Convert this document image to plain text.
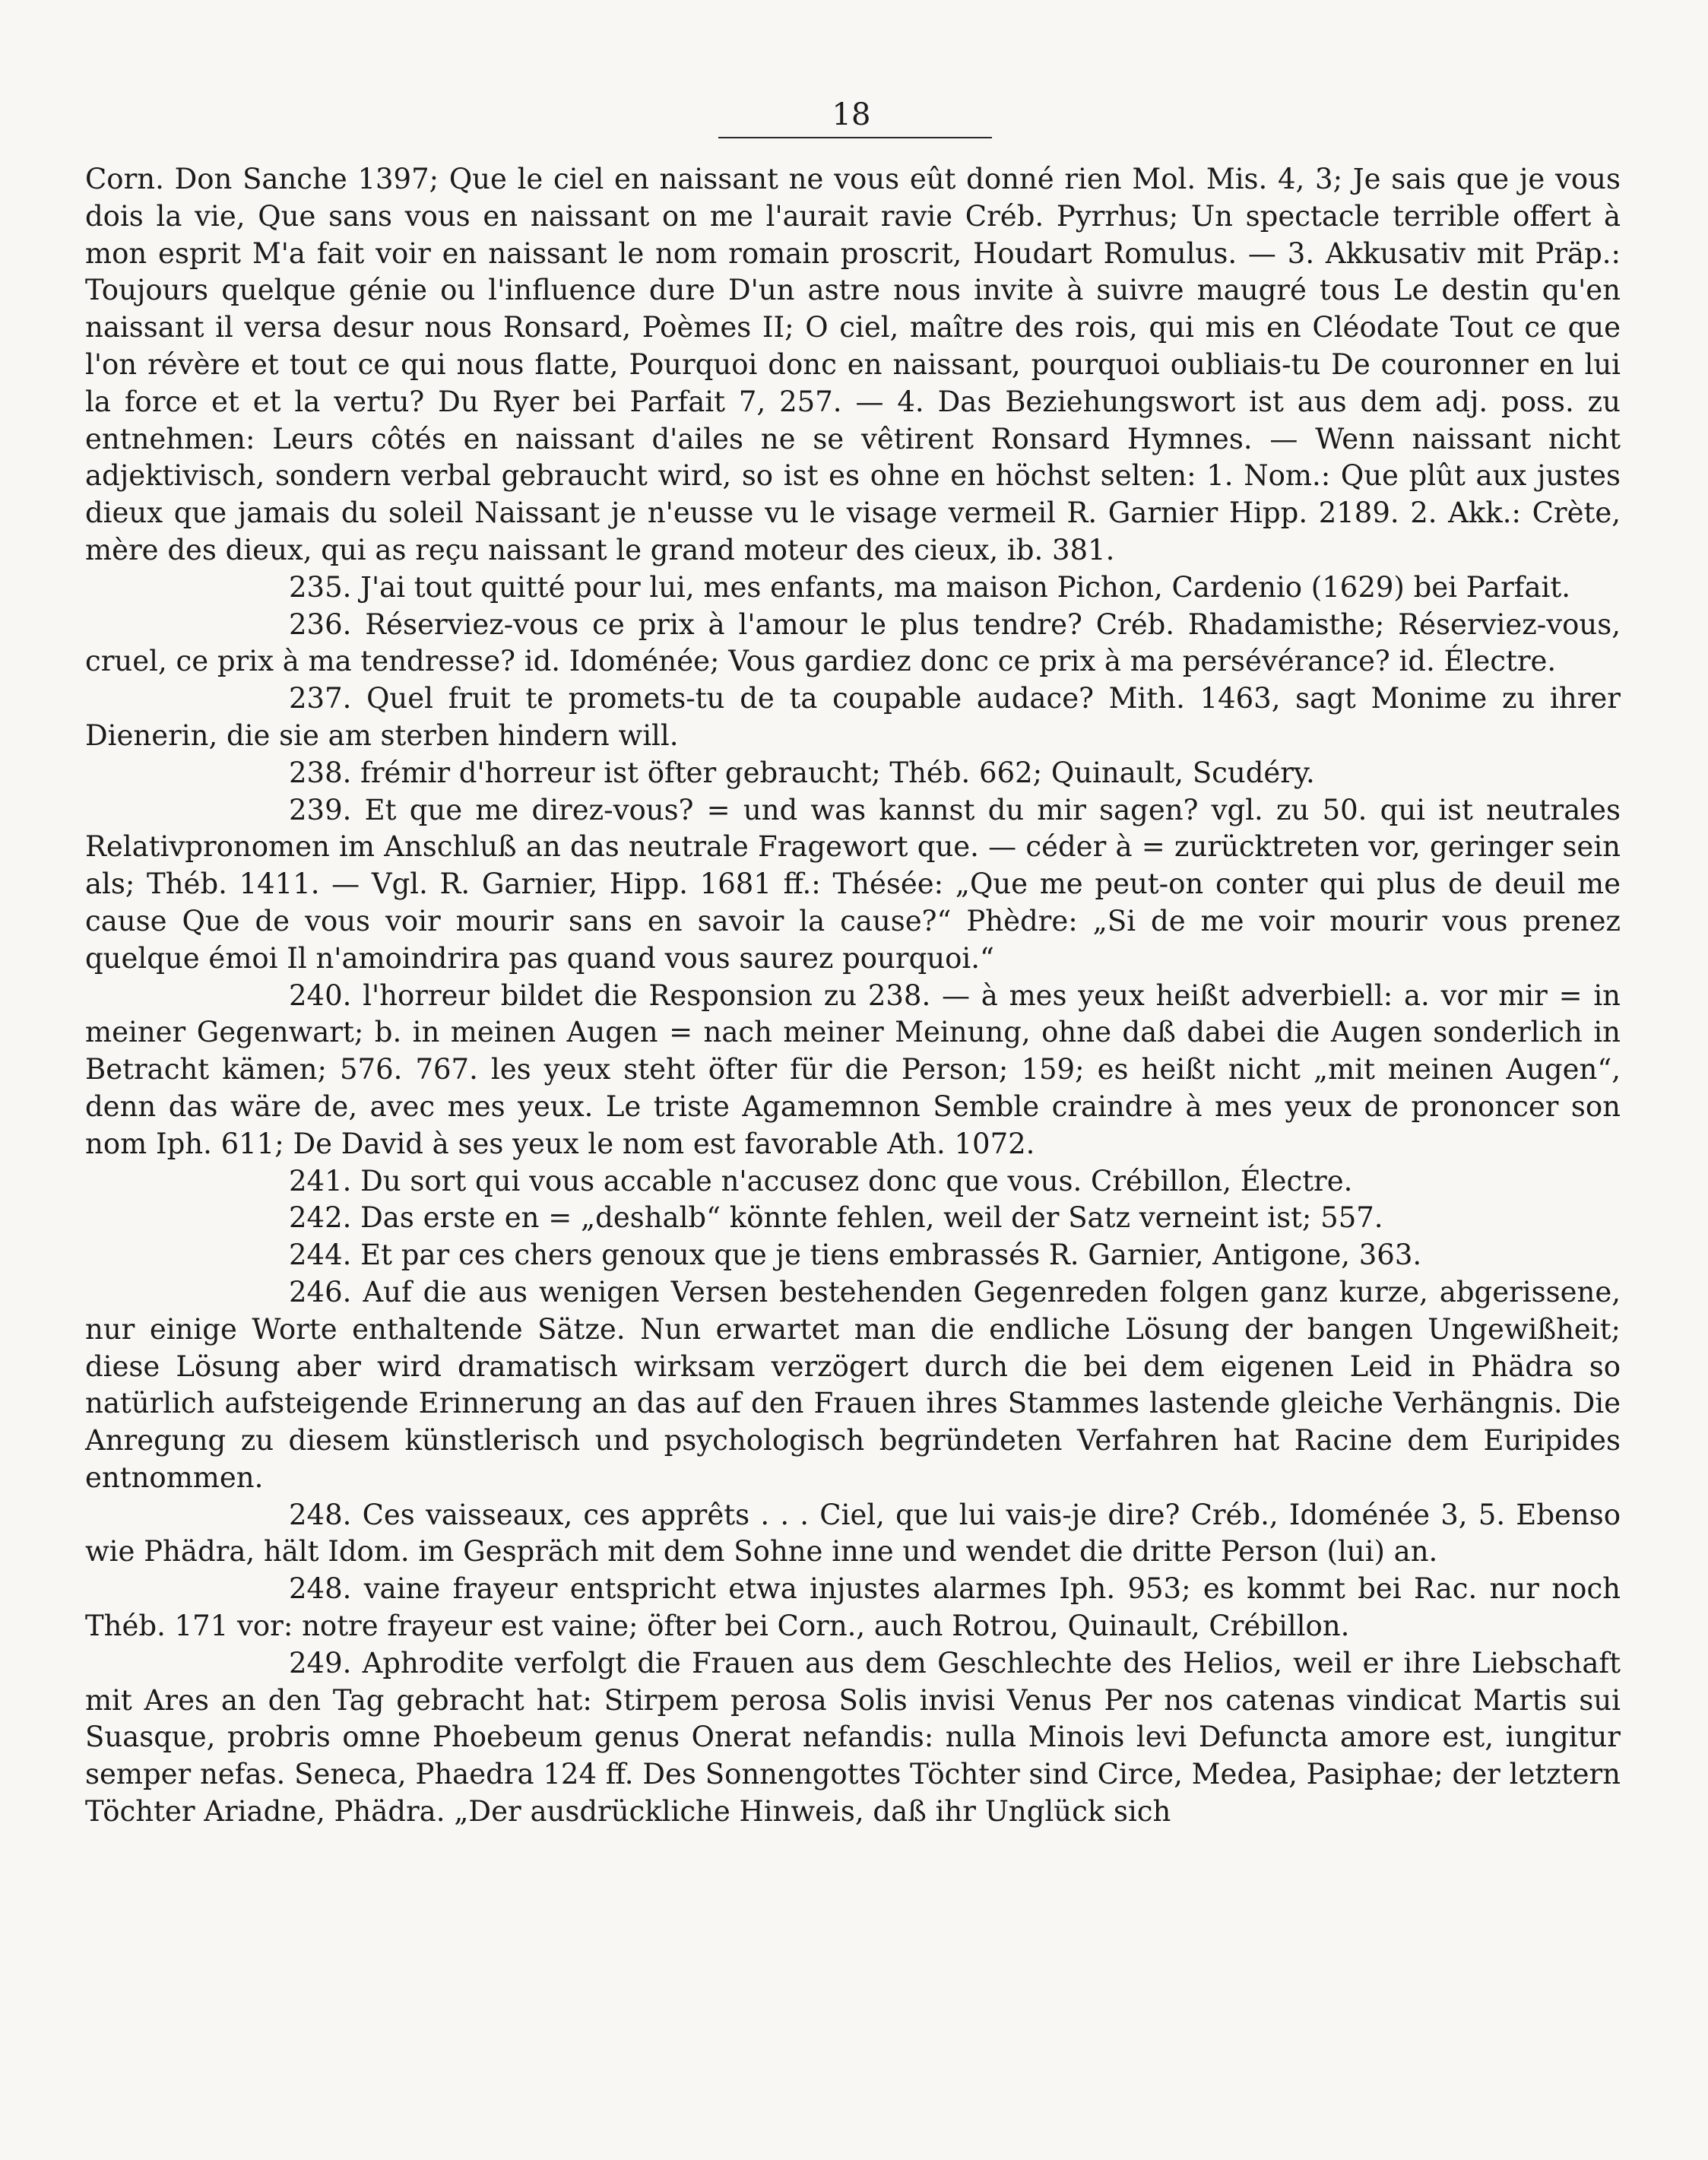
18

Corn. Don Sanche 1397; Que le ciel en naissant ne vous eût donné rien Mol. Mis. 4, 3; Je sais que je vous dois la vie, Que sans vous en naissant on me l'aurait ravie Créb. Pyrrhus; Un spectacle terrible offert à mon esprit M'a fait voir en naissant le nom romain proscrit, Houdart Romulus. — 3. Akkusativ mit Präp.: Toujours quelque génie ou l'influence dure D'un astre nous invite à suivre maugré tous Le destin qu'en naissant il versa desur nous Ronsard, Poèmes II; O ciel, maître des rois, qui mis en Cléodate Tout ce que l'on révère et tout ce qui nous flatte, Pourquoi donc en naissant, pourquoi oubliais-tu De couronner en lui la force et et la vertu? Du Ryer bei Parfait 7, 257. — 4. Das Beziehungswort ist aus dem adj. poss. zu entnehmen: Leurs côtés en naissant d'ailes ne se vêtirent Ronsard Hymnes. — Wenn naissant nicht adjektivisch, sondern verbal gebraucht wird, so ist es ohne en höchst selten: 1. Nom.: Que plût aux justes dieux que jamais du soleil Naissant je n'eusse vu le visage vermeil R. Garnier Hipp. 2189. 2. Akk.: Crète, mère des dieux, qui as reçu naissant le grand moteur des cieux, ib. 381.

235. J'ai tout quitté pour lui, mes enfants, ma maison Pichon, Cardenio (1629) bei Parfait.

236. Réserviez-vous ce prix à l'amour le plus tendre? Créb. Rhadamisthe; Réserviez-vous, cruel, ce prix à ma tendresse? id. Idoménée; Vous gardiez donc ce prix à ma persévérance? id. Électre.

237. Quel fruit te promets-tu de ta coupable audace? Mith. 1463, sagt Monime zu ihrer Dienerin, die sie am sterben hindern will.

238. frémir d'horreur ist öfter gebraucht; Théb. 662; Quinault, Scudéry.

239. Et que me direz-vous? = und was kannst du mir sagen? vgl. zu 50. qui ist neutrales Relativpronomen im Anschluß an das neutrale Fragewort que. — céder à = zurücktreten vor, geringer sein als; Théb. 1411. — Vgl. R. Garnier, Hipp. 1681 ff.: Thésée: „Que me peut-on conter qui plus de deuil me cause Que de vous voir mourir sans en savoir la cause?“ Phèdre: „Si de me voir mourir vous prenez quelque émoi Il n'amoindrira pas quand vous saurez pourquoi.“

240. l'horreur bildet die Responsion zu 238. — à mes yeux heißt adverbiell: a. vor mir = in meiner Gegenwart; b. in meinen Augen = nach meiner Meinung, ohne daß dabei die Augen sonderlich in Betracht kämen; 576. 767. les yeux steht öfter für die Person; 159; es heißt nicht „mit meinen Augen“, denn das wäre de, avec mes yeux. Le triste Agamemnon Semble craindre à mes yeux de prononcer son nom Iph. 611; De David à ses yeux le nom est favorable Ath. 1072.

241. Du sort qui vous accable n'accusez donc que vous. Crébillon, Électre.

242. Das erste en = „deshalb“ könnte fehlen, weil der Satz verneint ist; 557.

244. Et par ces chers genoux que je tiens embrassés R. Garnier, Antigone, 363.

246. Auf die aus wenigen Versen bestehenden Gegenreden folgen ganz kurze, abgerissene, nur einige Worte enthaltende Sätze. Nun erwartet man die endliche Lösung der bangen Ungewißheit; diese Lösung aber wird dramatisch wirksam verzögert durch die bei dem eigenen Leid in Phädra so natürlich aufsteigende Erinnerung an das auf den Frauen ihres Stammes lastende gleiche Verhängnis. Die Anregung zu diesem künstlerisch und psychologisch begründeten Verfahren hat Racine dem Euripides entnommen.

248. Ces vaisseaux, ces apprêts . . . Ciel, que lui vais-je dire? Créb., Idoménée 3, 5. Ebenso wie Phädra, hält Idom. im Gespräch mit dem Sohne inne und wendet die dritte Person (lui) an.

248. vaine frayeur entspricht etwa injustes alarmes Iph. 953; es kommt bei Rac. nur noch Théb. 171 vor: notre frayeur est vaine; öfter bei Corn., auch Rotrou, Quinault, Crébillon.

249. Aphrodite verfolgt die Frauen aus dem Geschlechte des Helios, weil er ihre Liebschaft mit Ares an den Tag gebracht hat: Stirpem perosa Solis invisi Venus Per nos catenas vindicat Martis sui Suasque, probris omne Phoebeum genus Onerat nefandis: nulla Minois levi Defuncta amore est, iungitur semper nefas. Seneca, Phaedra 124 ff. Des Sonnengottes Töchter sind Circe, Medea, Pasiphae; der letztern Töchter Ariadne, Phädra. „Der ausdrückliche Hinweis, daß ihr Unglück sich
